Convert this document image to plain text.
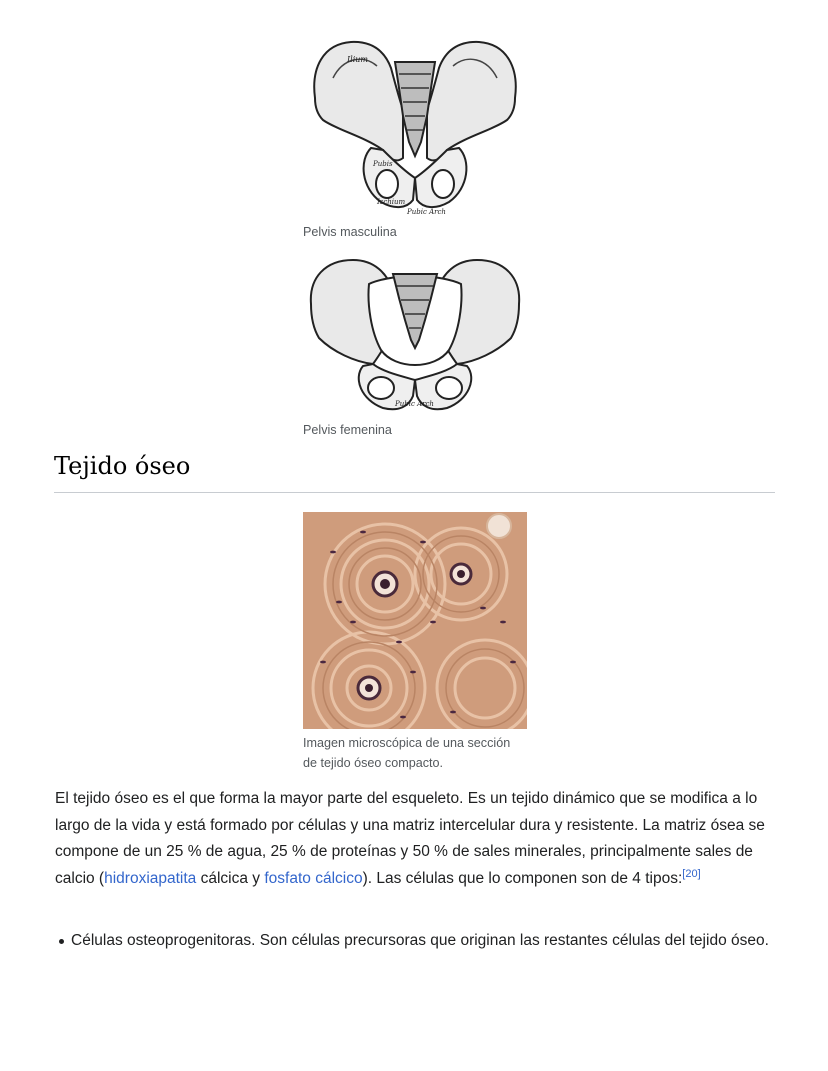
Ilium
Pubis
Ischium
Pubic Arch
Pelvis masculina
Pubic Arch
Pelvis femenina
Tejido óseo
Imagen microscópica de una sección de tejido óseo compacto.

El tejido óseo es el que forma la mayor parte del esqueleto. Es un tejido dinámico que se modifica a lo largo de la vida y está formado por células y una matriz intercelular dura y resistente. La matriz ósea se compone de un 25 % de agua, 25 % de proteínas y 50 % de sales minerales, principalmente sales de calcio (hidroxiapatita cálcica y fosfato cálcico). Las células que lo componen son de 4 tipos:[20]

Células osteoprogenitoras. Son células precursoras que originan las restantes células del tejido óseo.
